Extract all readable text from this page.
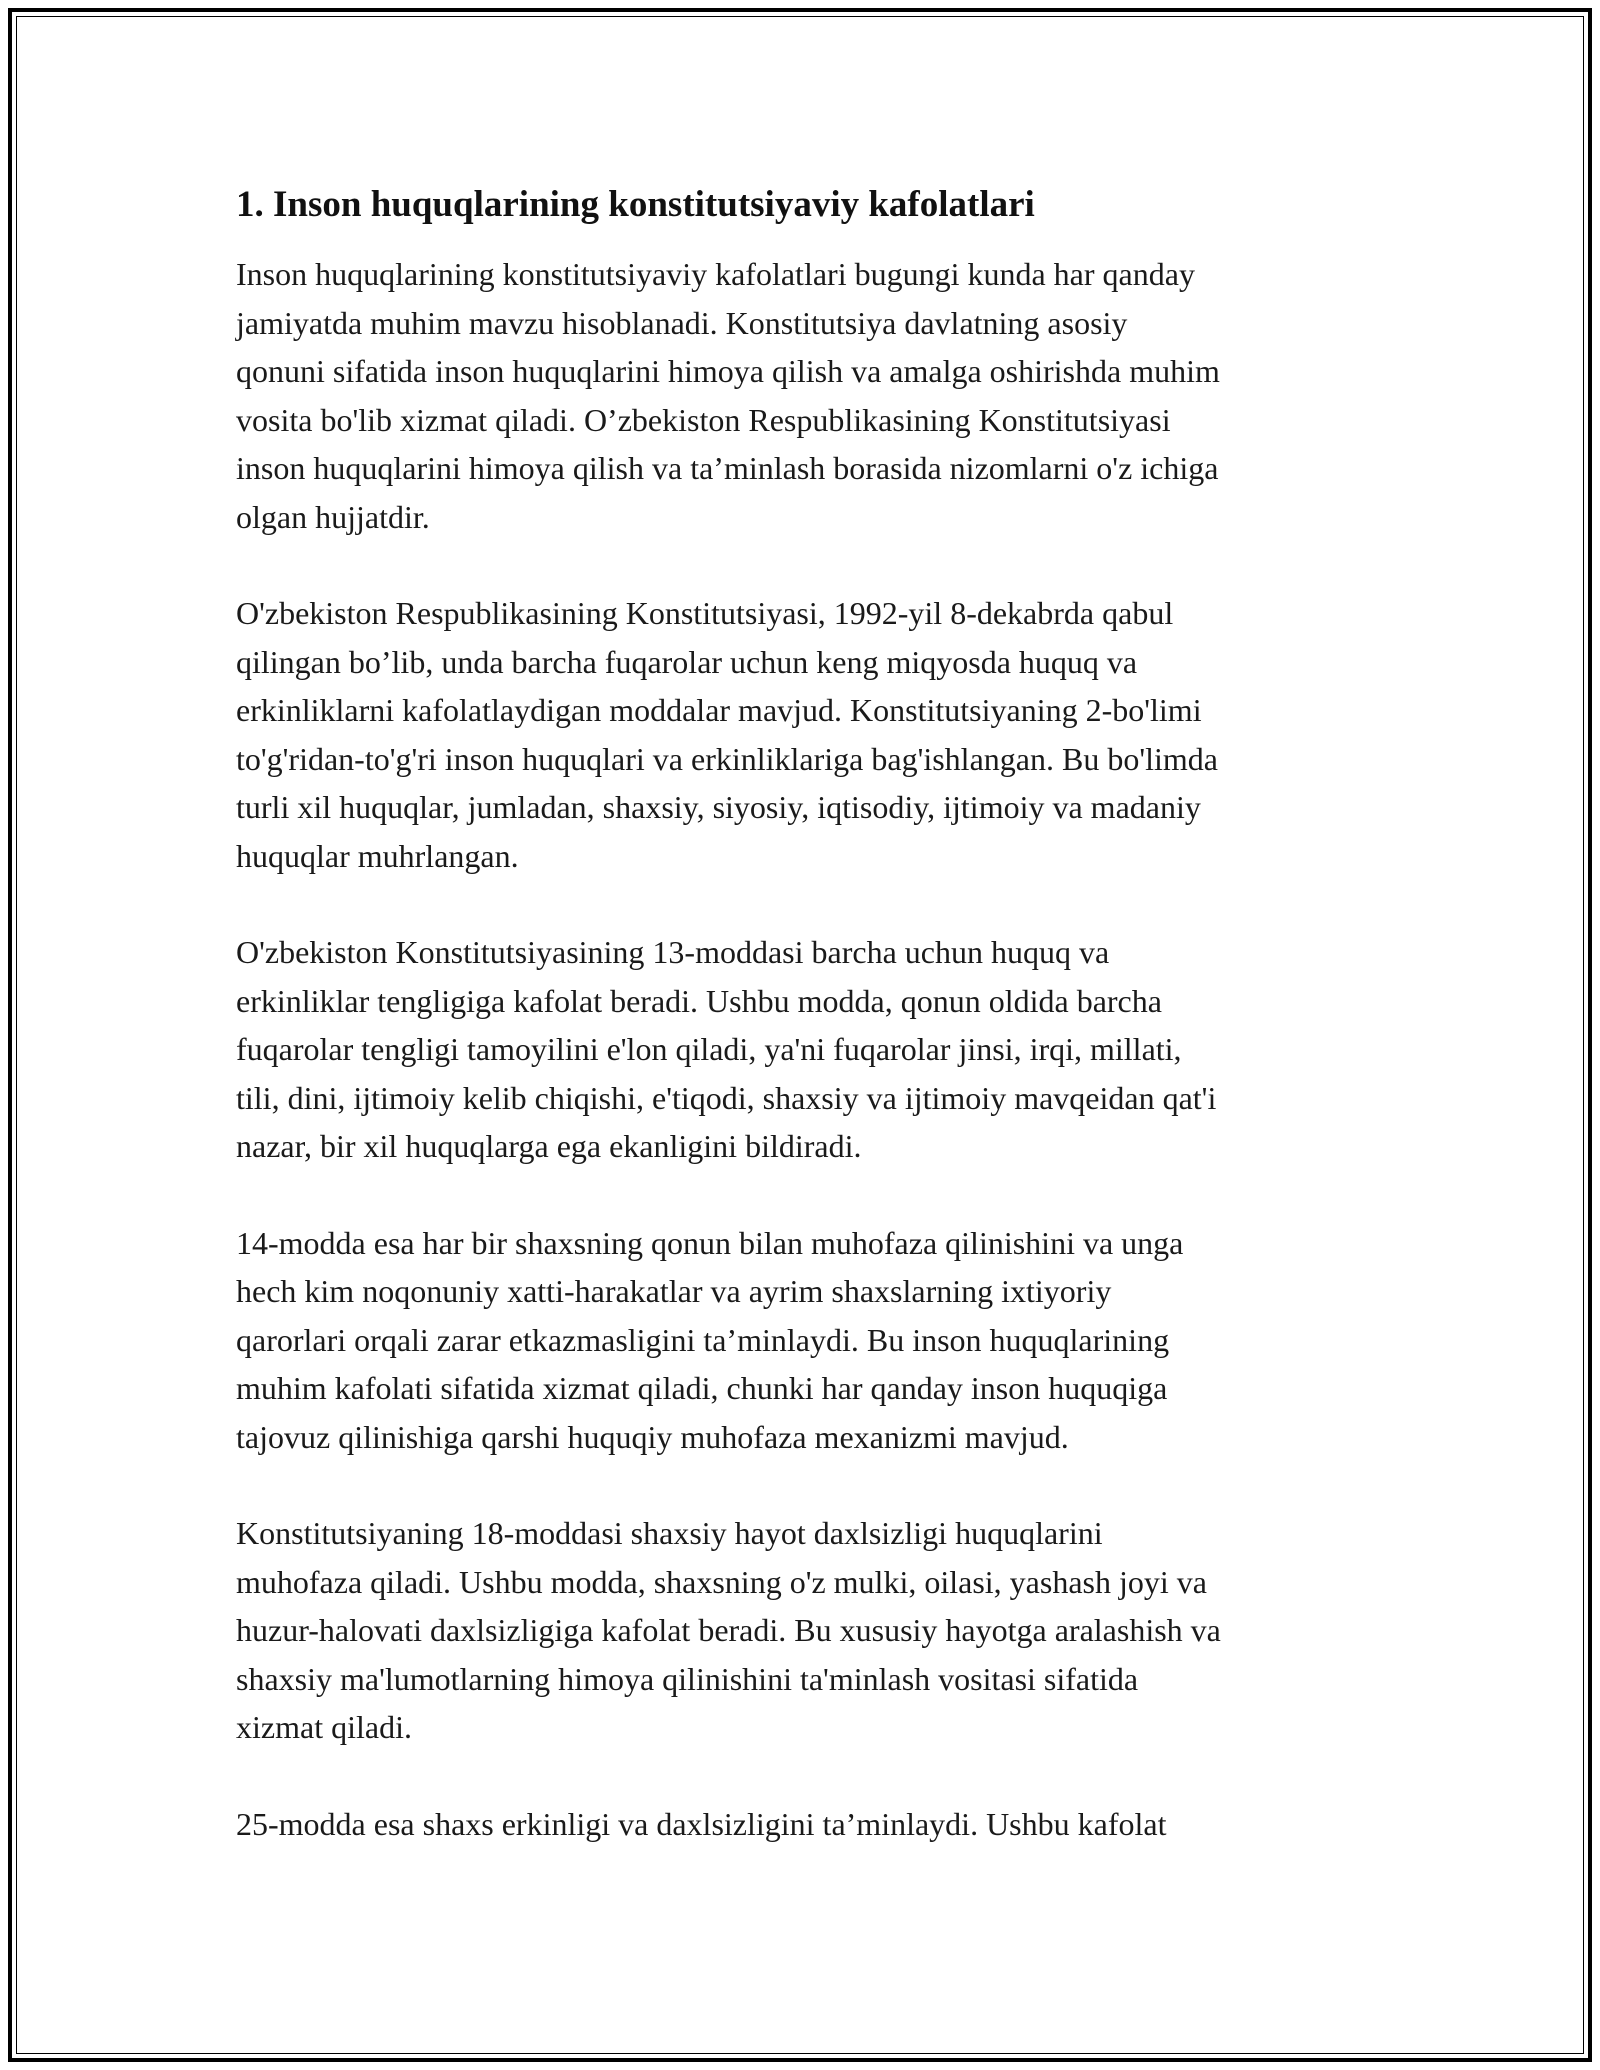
1. Inson huquqlarining konstitutsiyaviy kafolatlari

Inson huquqlarining konstitutsiyaviy kafolatlari bugungi kunda har qanday
jamiyatda muhim mavzu hisoblanadi. Konstitutsiya davlatning asosiy
qonuni sifatida inson huquqlarini himoya qilish va amalga oshirishda muhim
vosita bo'lib xizmat qiladi. O’zbekiston Respublikasining Konstitutsiyasi
inson huquqlarini himoya qilish va ta’minlash borasida nizomlarni o'z ichiga
olgan hujjatdir.

O'zbekiston Respublikasining Konstitutsiyasi, 1992-yil 8-dekabrda qabul
qilingan bo’lib, unda barcha fuqarolar uchun keng miqyosda huquq va
erkinliklarni kafolatlaydigan moddalar mavjud. Konstitutsiyaning 2-bo'limi
to'g'ridan-to'g'ri inson huquqlari va erkinliklariga bag'ishlangan. Bu bo'limda
turli xil huquqlar, jumladan, shaxsiy, siyosiy, iqtisodiy, ijtimoiy va madaniy
huquqlar muhrlangan.

O'zbekiston Konstitutsiyasining 13-moddasi barcha uchun huquq va
erkinliklar tengligiga kafolat beradi. Ushbu modda, qonun oldida barcha
fuqarolar tengligi tamoyilini e'lon qiladi, ya'ni fuqarolar jinsi, irqi, millati,
tili, dini, ijtimoiy kelib chiqishi, e'tiqodi, shaxsiy va ijtimoiy mavqeidan qat'i
nazar, bir xil huquqlarga ega ekanligini bildiradi.

14-modda esa har bir shaxsning qonun bilan muhofaza qilinishini va unga
hech kim noqonuniy xatti-harakatlar va ayrim shaxslarning ixtiyoriy
qarorlari orqali zarar etkazmasligini ta’minlaydi. Bu inson huquqlarining
muhim kafolati sifatida xizmat qiladi, chunki har qanday inson huquqiga
tajovuz qilinishiga qarshi huquqiy muhofaza mexanizmi mavjud.

Konstitutsiyaning 18-moddasi shaxsiy hayot daxlsizligi huquqlarini
muhofaza qiladi. Ushbu modda, shaxsning o'z mulki, oilasi, yashash joyi va
huzur-halovati daxlsizligiga kafolat beradi. Bu xususiy hayotga aralashish va
shaxsiy ma'lumotlarning himoya qilinishini ta'minlash vositasi sifatida
xizmat qiladi.

25-modda esa shaxs erkinligi va daxlsizligini ta’minlaydi. Ushbu kafolat
